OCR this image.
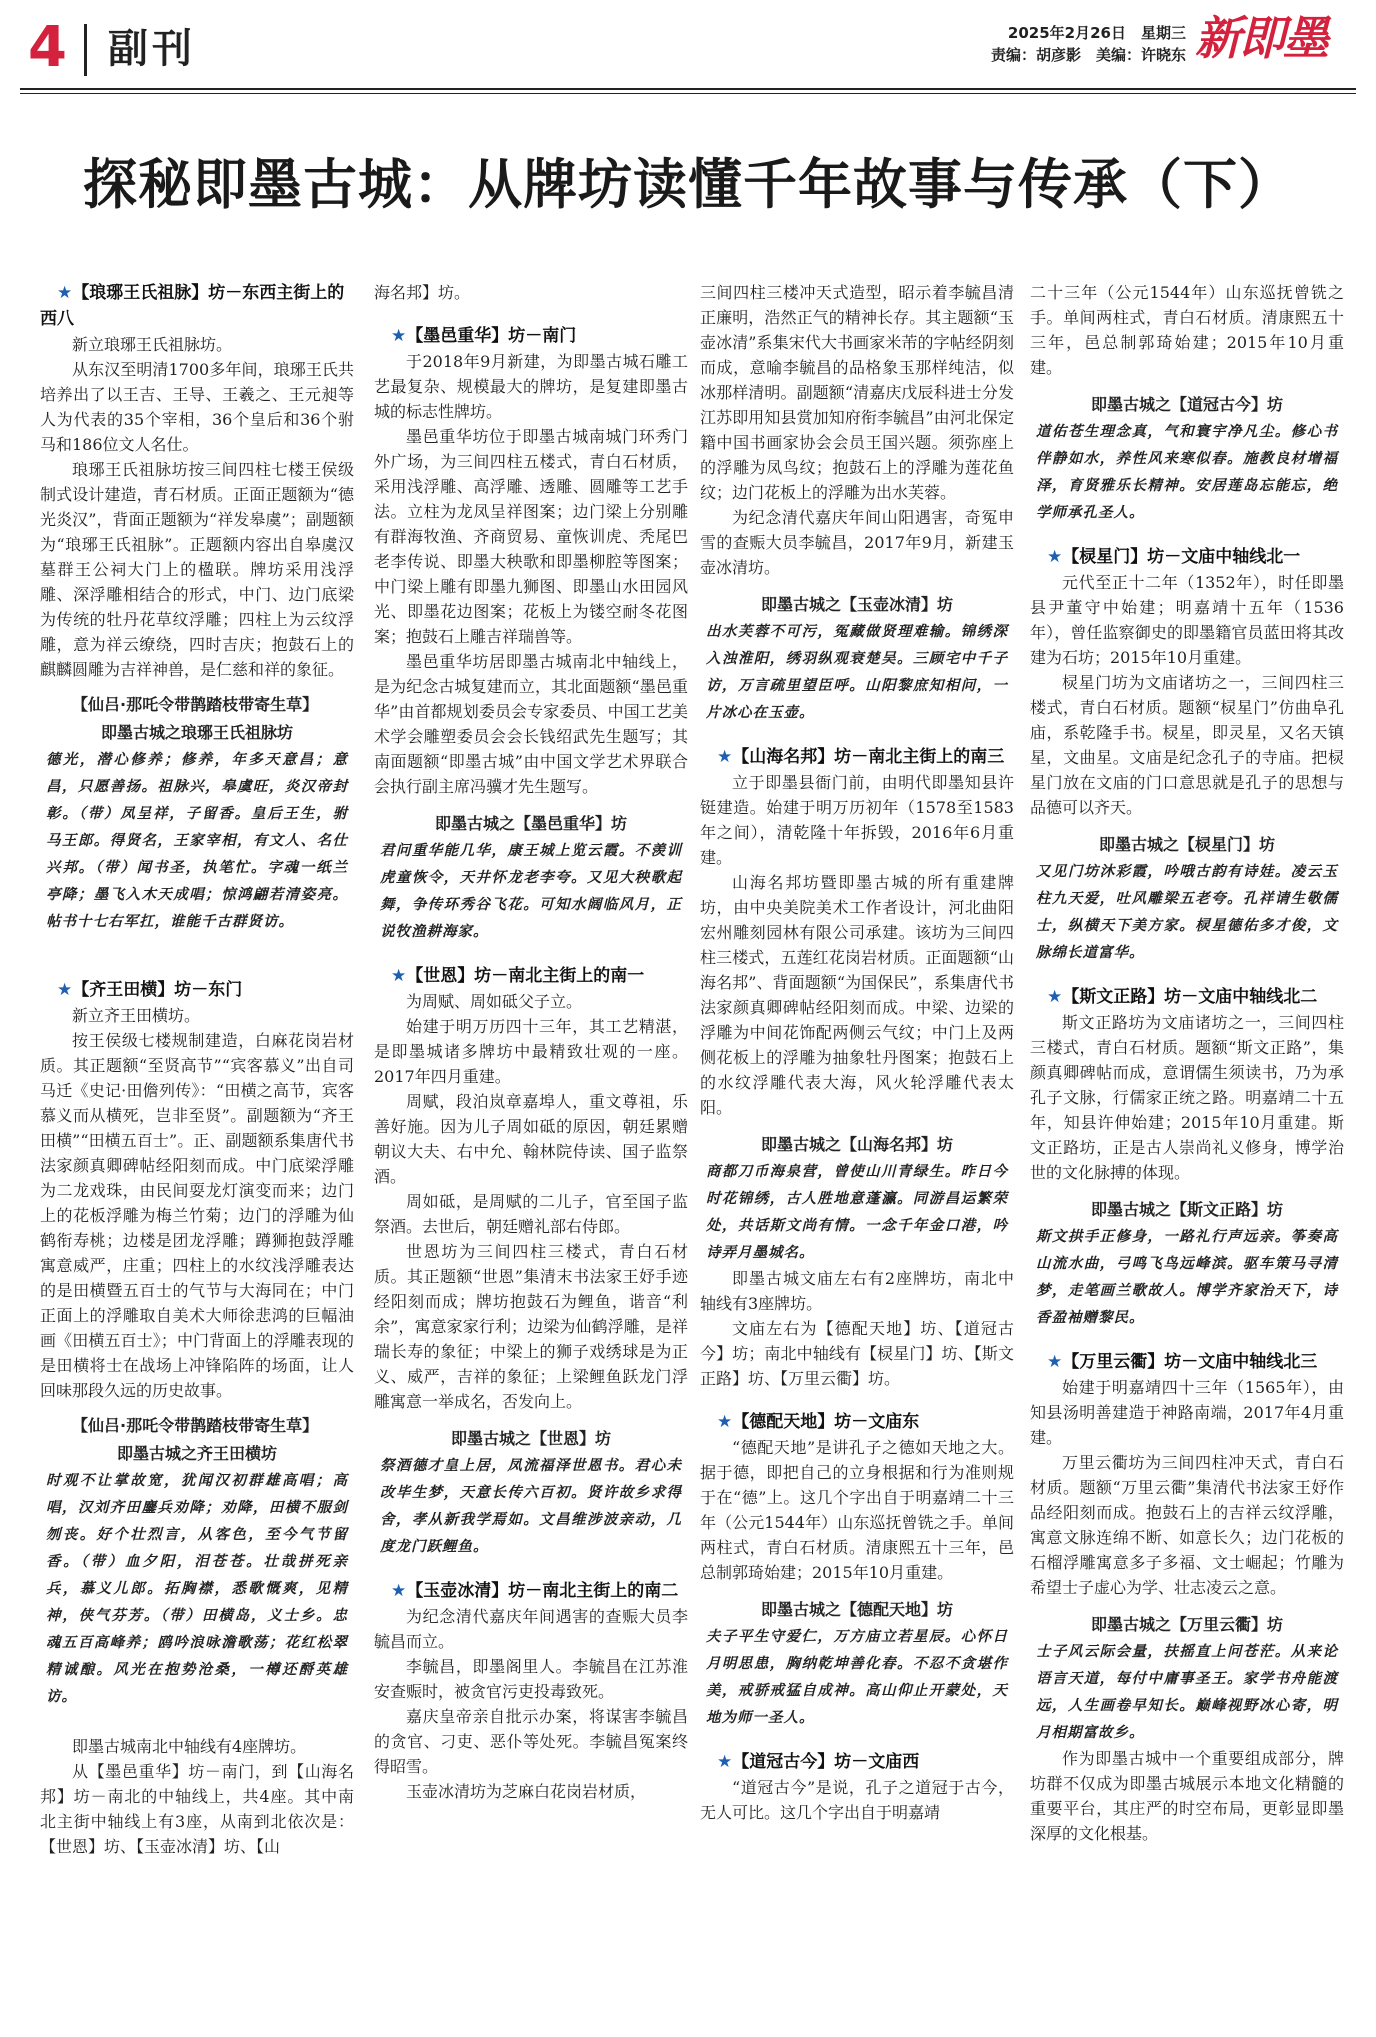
4 副刊	2025年2月26日　 星期三
责编：胡彦影　美编：许晓东 新即墨
探秘即墨古城：从牌坊读懂千年故事与传承（下）
★【琅琊王氏祖脉】坊－东西主街上的西八

新立琅琊王氏祖脉坊。

从东汉至明清1700多年间，琅琊王氏共培养出了以王吉、王导、王羲之、王元昶等人为代表的35个宰相，36个皇后和36个驸马和186位文人名仕。

琅琊王氏祖脉坊按三间四柱七楼王侯级制式设计建造，青石材质。正面正题额为“德光炎汉”，背面正题额为“祥发皋虞”；副题额为“琅琊王氏祖脉”。正题额内容出自皋虞汉墓群王公祠大门上的楹联。牌坊采用浅浮雕、深浮雕相结合的形式，中门、边门底梁为传统的牡丹花草纹浮雕；四柱上为云纹浮雕，意为祥云缭绕，四时吉庆；抱鼓石上的麒麟圆雕为吉祥神兽，是仁慈和祥的象征。

【仙吕·那吒令带鹊踏枝带寄生草】
即墨古城之琅琊王氏祖脉坊
德光，潜心修养；修养，年多天意昌；意昌，只愿善扬。祖脉兴，皋虞旺，炎汉帝封彰。（带）凤呈祥，子留香。皇后王生，驸马王郎。得贤名，王家宰相，有文人、名仕兴邦。（带）闻书圣，执笔忙。字魂一纸兰亭降；墨飞入木天成唱；惊鸿翩若清姿亮。帖书十七右军扛，谁能千古群贤访。
★【齐王田横】坊－东门

新立齐王田横坊。

按王侯级七楼规制建造，白麻花岗岩材质。其正题额“至贤高节”“宾客慕义”出自司马迁《史记·田儋列传》：“田横之高节，宾客慕义而从横死，岂非至贤”。副题额为“齐王田横”“田横五百士”。正、副题额系集唐代书法家颜真卿碑帖经阳刻而成。中门底梁浮雕为二龙戏珠，由民间耍龙灯演变而来；边门上的花板浮雕为梅兰竹菊；边门的浮雕为仙鹤衔寿桃；边楼是团龙浮雕；蹲狮抱鼓浮雕寓意威严，庄重；四柱上的水纹浅浮雕表达的是田横暨五百士的气节与大海同在；中门正面上的浮雕取自美术大师徐悲鸿的巨幅油画《田横五百士》；中门背面上的浮雕表现的是田横将士在战场上冲锋陷阵的场面，让人回味那段久远的历史故事。

【仙吕·那吒令带鹊踏枝带寄生草】
即墨古城之齐王田横坊
时观不让掌故宽，犹闻汉初群雄高唱；高唱，汉刘齐田鏖兵劝降；劝降，田横不服剑刎丧。好个壮烈言，从客色，至今气节留香。（带）血夕阳，泪苍苍。壮哉拼死亲兵，慕义儿郎。拓胸襟，悉歌慨爽，见精神，侠气芬芳。（带）田横岛，义士乡。忠魂五百高峰养；鸥吟浪咏澹歌荡；花红松翠精诚酿。风光在抱势沧桑，一樽还酹英雄访。

即墨古城南北中轴线有4座牌坊。

从【墨邑重华】坊－南门，到【山海名邦】坊－南北的中轴线上，共4座。其中南北主街中轴线上有3座，从南到北依次是：【世恩】坊、【玉壶冰清】坊、【山

海名邦】坊。

★【墨邑重华】坊－南门

于2018年9月新建，为即墨古城石雕工艺最复杂、规模最大的牌坊，是复建即墨古城的标志性牌坊。

墨邑重华坊位于即墨古城南城门环秀门外广场，为三间四柱五楼式，青白石材质，采用浅浮雕、高浮雕、透雕、圆雕等工艺手法。立柱为龙凤呈祥图案；边门梁上分别雕有群海牧渔、齐商贸易、童恢训虎、秃尾巴老李传说、即墨大秧歌和即墨柳腔等图案；中门梁上雕有即墨九狮图、即墨山水田园风光、即墨花边图案；花板上为镂空耐冬花图案；抱鼓石上雕吉祥瑞兽等。

墨邑重华坊居即墨古城南北中轴线上，是为纪念古城复建而立，其北面题额“墨邑重华”由首都规划委员会专家委员、中国工艺美术学会雕塑委员会会长钱绍武先生题写；其南面题额“即墨古城”由中国文学艺术界联合会执行副主席冯骥才先生题写。

即墨古城之【墨邑重华】坊
君问重华能几华，康王城上览云霞。不羡训虎童恢令，天井怀龙老李夸。又见大秧歌起舞，争传环秀谷飞花。可知水阔临风月，正说牧渔耕海家。
★【世恩】坊－南北主街上的南一

为周赋、周如砥父子立。

始建于明万历四十三年，其工艺精湛，是即墨城诸多牌坊中最精致壮观的一座。2017年四月重建。

周赋，段泊岚章嘉埠人，重文尊祖，乐善好施。因为儿子周如砥的原因，朝廷累赠朝议大夫、右中允、翰林院侍读、国子监祭酒。

周如砥，是周赋的二儿子，官至国子监祭酒。去世后，朝廷赠礼部右侍郎。

世恩坊为三间四柱三楼式，青白石材质。其正题额“世恩”集清末书法家王妤手迹经阳刻而成；牌坊抱鼓石为鲤鱼，谐音“利余”，寓意家家行利；边梁为仙鹤浮雕，是祥瑞长寿的象征；中梁上的狮子戏绣球是为正义、威严，吉祥的象征；上梁鲤鱼跃龙门浮雕寓意一举成名，否发向上。

即墨古城之【世恩】坊
祭酒德才皇上居，凤流福泽世恩书。君心未改毕生梦，天意长传六百初。贤许故乡求得舍，孝从新我学焉如。文昌维涉波亲动，几度龙门跃鲤鱼。
★【玉壶冰清】坊－南北主街上的南二

为纪念清代嘉庆年间遇害的查赈大员李毓昌而立。

李毓昌，即墨阁里人。李毓昌在江苏淮安查赈时，被贪官污吏投毒致死。

嘉庆皇帝亲自批示办案，将谋害李毓昌的贪官、刁吏、恶仆等处死。李毓昌冤案终得昭雪。

玉壶冰清坊为芝麻白花岗岩材质，

三间四柱三楼冲天式造型，昭示着李毓昌清正廉明，浩然正气的精神长存。其主题额“玉壶冰清”系集宋代大书画家米芾的字帖经阴刻而成，意喻李毓昌的品格象玉那样纯洁，似冰那样清明。副题额“清嘉庆戊辰科进士分发江苏即用知县赏加知府衔李毓昌”由河北保定籍中国书画家协会会员王国兴题。须弥座上的浮雕为凤鸟纹；抱鼓石上的浮雕为莲花鱼纹；边门花板上的浮雕为出水芙蓉。

为纪念清代嘉庆年间山阳遇害，奇冤申雪的查赈大员李毓昌，2017年9月，新建玉壶冰清坊。

即墨古城之【玉壶冰清】坊
出水芙蓉不可污，冤藏做贤理难输。锦绣深入浊淮阳，绣羽纵观衰楚吴。三顾宅中千子访，万言疏里望臣呼。山阳黎庶知相问，一片冰心在玉壶。
★【山海名邦】坊－南北主街上的南三

立于即墨县衙门前，由明代即墨知县许铤建造。始建于明万历初年（1578至1583年之间），清乾隆十年拆毁，2016年6月重建。

山海名邦坊暨即墨古城的所有重建牌坊，由中央美院美术工作者设计，河北曲阳宏州雕刻园林有限公司承建。该坊为三间四柱三楼式，五莲红花岗岩材质。正面题额“山海名邦”、背面题额“为国保民”，系集唐代书法家颜真卿碑帖经阳刻而成。中梁、边梁的浮雕为中间花饰配两侧云气纹；中门上及两侧花板上的浮雕为抽象牡丹图案；抱鼓石上的水纹浮雕代表大海，风火轮浮雕代表太阳。

即墨古城之【山海名邦】坊
商都刀币海泉营，曾使山川青绿生。昨日今时花锦绣，古人胜地意蓬瀛。同游昌运繁荣处，共话斯文尚有情。一念千年金口港，吟诗弄月墨城名。

即墨古城文庙左右有2座牌坊，南北中轴线有3座牌坊。

文庙左右为【德配天地】坊、【道冠古今】坊；南北中轴线有【棂星门】坊、【斯文正路】坊、【万里云衢】坊。

★【德配天地】坊－文庙东

“德配天地”是讲孔子之德如天地之大。据于德，即把自己的立身根据和行为准则规于在“德”上。这几个字出自于明嘉靖二十三年（公元1544年）山东巡抚曾铣之手。单间两柱式，青白石材质。清康熙五十三年，邑总制郭琦始建；2015年10月重建。

即墨古城之【德配天地】坊
夫子平生守爱仁，万方庙立若星辰。心怀日月明思患，胸纳乾坤善化春。不忍不贪堪作美，戒骄戒猛自成神。高山仰止开蒙处，天地为师一圣人。
★【道冠古今】坊－文庙西

“道冠古今”是说，孔子之道冠于古今，无人可比。这几个字出自于明嘉靖

二十三年（公元1544年）山东巡抚曾铣之手。单间两柱式，青白石材质。清康熙五十三年，邑总制郭琦始建；2015年10月重建。

即墨古城之【道冠古今】坊
道佑苍生理念真，气和寰宇净凡尘。修心书伴静如水，养性风来寒似春。施教良材增福泽，育贤雅乐长精神。安居莲岛忘能忘，绝学师承孔圣人。
★【棂星门】坊－文庙中轴线北一

元代至正十二年（1352年），时任即墨县尹董守中始建；明嘉靖十五年（1536年），曾任监察御史的即墨籍官员蓝田将其改建为石坊；2015年10月重建。

棂星门坊为文庙诸坊之一，三间四柱三楼式，青白石材质。题额“棂星门”仿曲阜孔庙，系乾隆手书。棂星，即灵星，又名天镇星，文曲星。文庙是纪念孔子的寺庙。把棂星门放在文庙的门口意思就是孔子的思想与品德可以齐天。

即墨古城之【棂星门】坊
又见门坊沐彩霞，吟哦古韵有诗娃。凌云玉柱九天爱，吐风雕梁五老夸。孔祥请生敬儒士，纵横天下美方家。棂星德佑多才俊，文脉绵长道富华。
★【斯文正路】坊－文庙中轴线北二

斯文正路坊为文庙诸坊之一，三间四柱三楼式，青白石材质。题额“斯文正路”，集颜真卿碑帖而成，意谓儒生须读书，乃为承孔子文脉，行儒家正统之路。明嘉靖二十五年，知县许伸始建；2015年10月重建。斯文正路坊，正是古人崇尚礼义修身，博学治世的文化脉搏的体现。

即墨古城之【斯文正路】坊
斯文拱手正修身，一路礼行声远亲。筝奏高山流水曲，弓鸣飞鸟远峰滨。驱车策马寻清梦，走笔画兰歌故人。博学齐家治天下，诗香盈袖赠黎民。
★【万里云衢】坊－文庙中轴线北三

始建于明嘉靖四十三年（1565年），由知县汤明善建造于神路南端，2017年4月重建。

万里云衢坊为三间四柱冲天式，青白石材质。题额“万里云衢”集清代书法家王妤作品经阳刻而成。抱鼓石上的吉祥云纹浮雕，寓意文脉连绵不断、如意长久；边门花板的石榴浮雕寓意多子多福、文士崛起；竹雕为希望士子虚心为学、壮志凌云之意。

即墨古城之【万里云衢】坊
士子风云际会量，扶摇直上问苍茫。从来论语言天道，每付中庸事圣王。家学书舟能渡远，人生画卷早知长。巅峰视野冰心寄，明月相期富故乡。

作为即墨古城中一个重要组成部分，牌坊群不仅成为即墨古城展示本地文化精髓的重要平台，其庄严的时空布局，更彰显即墨深厚的文化根基。
